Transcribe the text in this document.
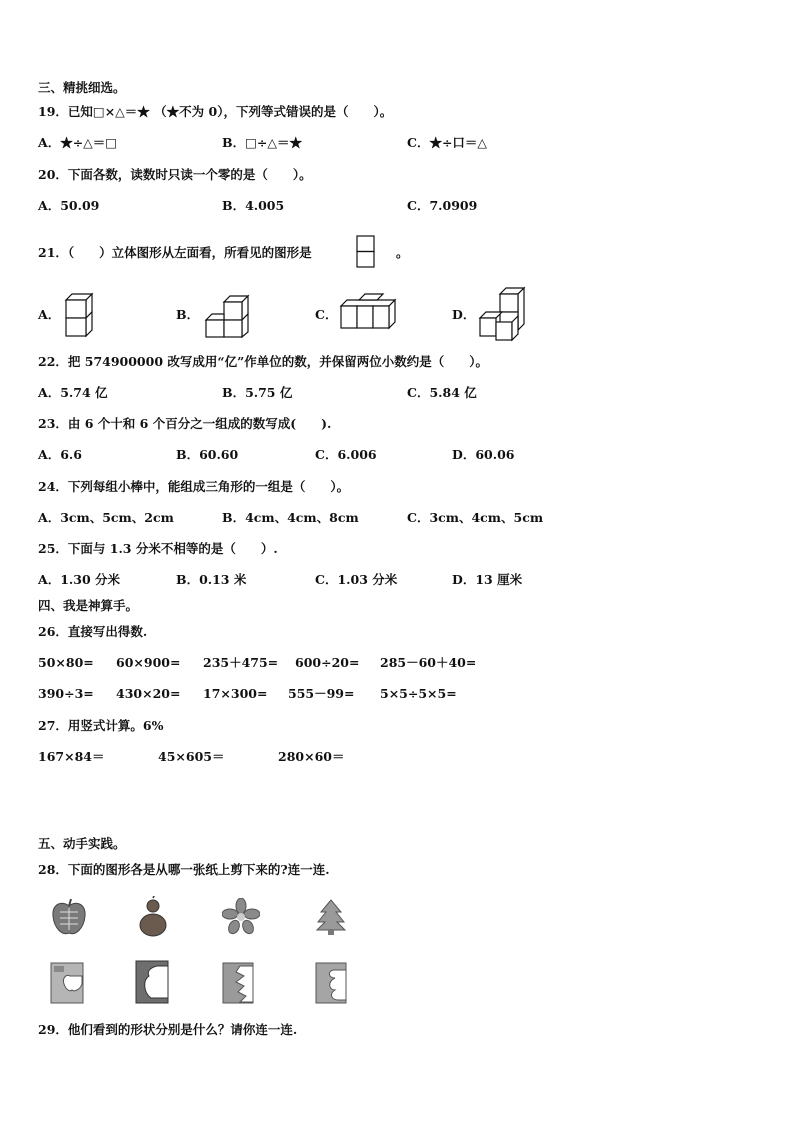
三、精挑细选。
19．已知□×△＝★ （★不为 0），下列等式错误的是（　　）。
A．★÷△＝□	B．□÷△＝★	C．★÷口＝△
20．下面各数，读数时只读一个零的是（　　）。
A．50.09	B．4.005	C．7.0909
21．（　　）立体图形从左面看，所看见的图形是	。
A．	B．	C．	D．
22．把 574900000 改写成用“亿”作单位的数，并保留两位小数约是（　　）。
A．5.74 亿	B．5.75 亿	C．5.84 亿
23．由 6 个十和 6 个百分之一组成的数写成(　　).
A．6.6	B．60.60	C．6.006	D．60.06
24．下列每组小棒中，能组成三角形的一组是（　　）。
A．3cm、5cm、2cm	B．4cm、4cm、8cm	C．3cm、4cm、5cm
25．下面与 1.3 分米不相等的是（　　）.
A．1.30 分米	B．0.13 米	C．1.03 分米	D．13 厘米
四、我是神算手。
26．直接写出得数.
50×80= 60×900= 235＋475= 600÷20= 285－60＋40=
390÷3= 430×20= 17×300= 555－99= 5×5÷5×5=
27．用竖式计算。6%
167×84＝	45×605＝	280×60＝
五、动手实践。
28．下面的图形各是从哪一张纸上剪下来的?连一连.
29．他们看到的形状分别是什么？请你连一连.
